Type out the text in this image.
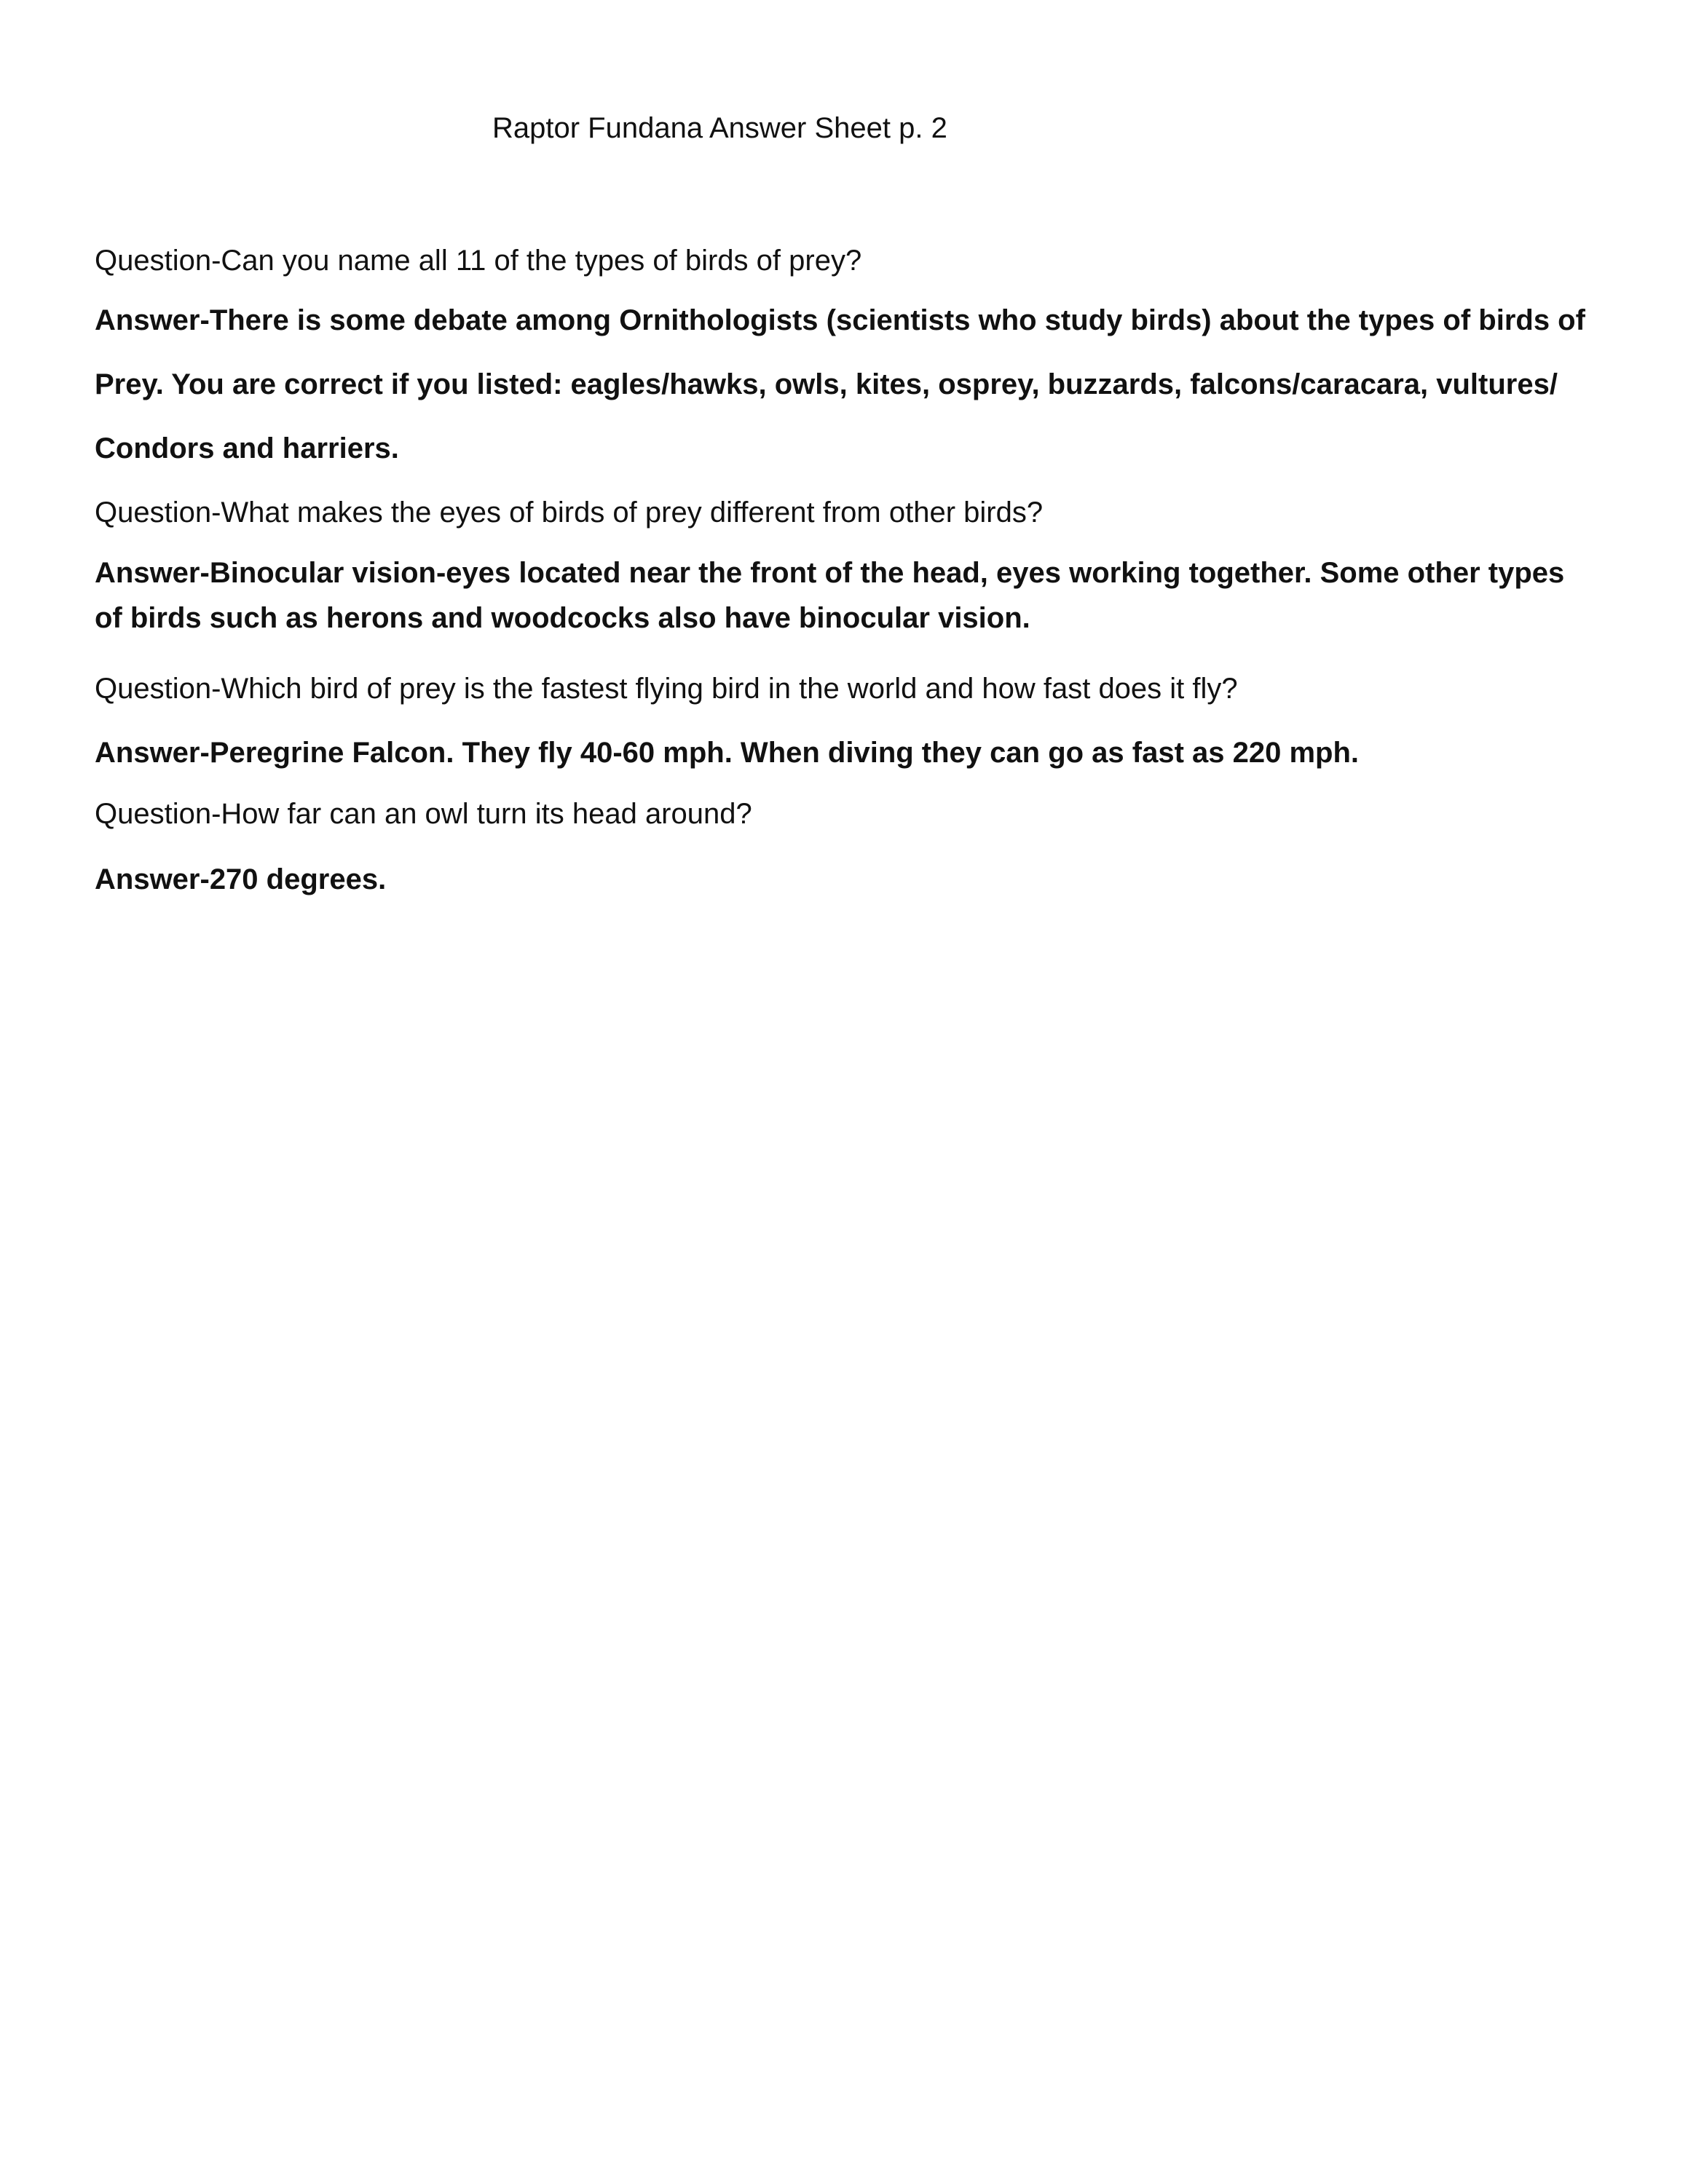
Raptor Fundana Answer Sheet p. 2
Question-Can you name all 11 of the types of birds of prey?
Answer-There is some debate among Ornithologists (scientists who study birds) about the types of birds of
Prey. You are correct if you listed: eagles/hawks, owls, kites, osprey, buzzards, falcons/caracara, vultures/
Condors and harriers.
Question-What makes the eyes of birds of prey different from other birds?
Answer-Binocular vision-eyes located near the front of the head, eyes working together. Some other types
of birds such as herons and woodcocks also have binocular vision.
Question-Which bird of prey is the fastest flying bird in the world and how fast does it fly?
Answer-Peregrine Falcon. They fly 40-60 mph. When diving they can go as fast as 220 mph.
Question-How far can an owl turn its head around?
Answer-270 degrees.
